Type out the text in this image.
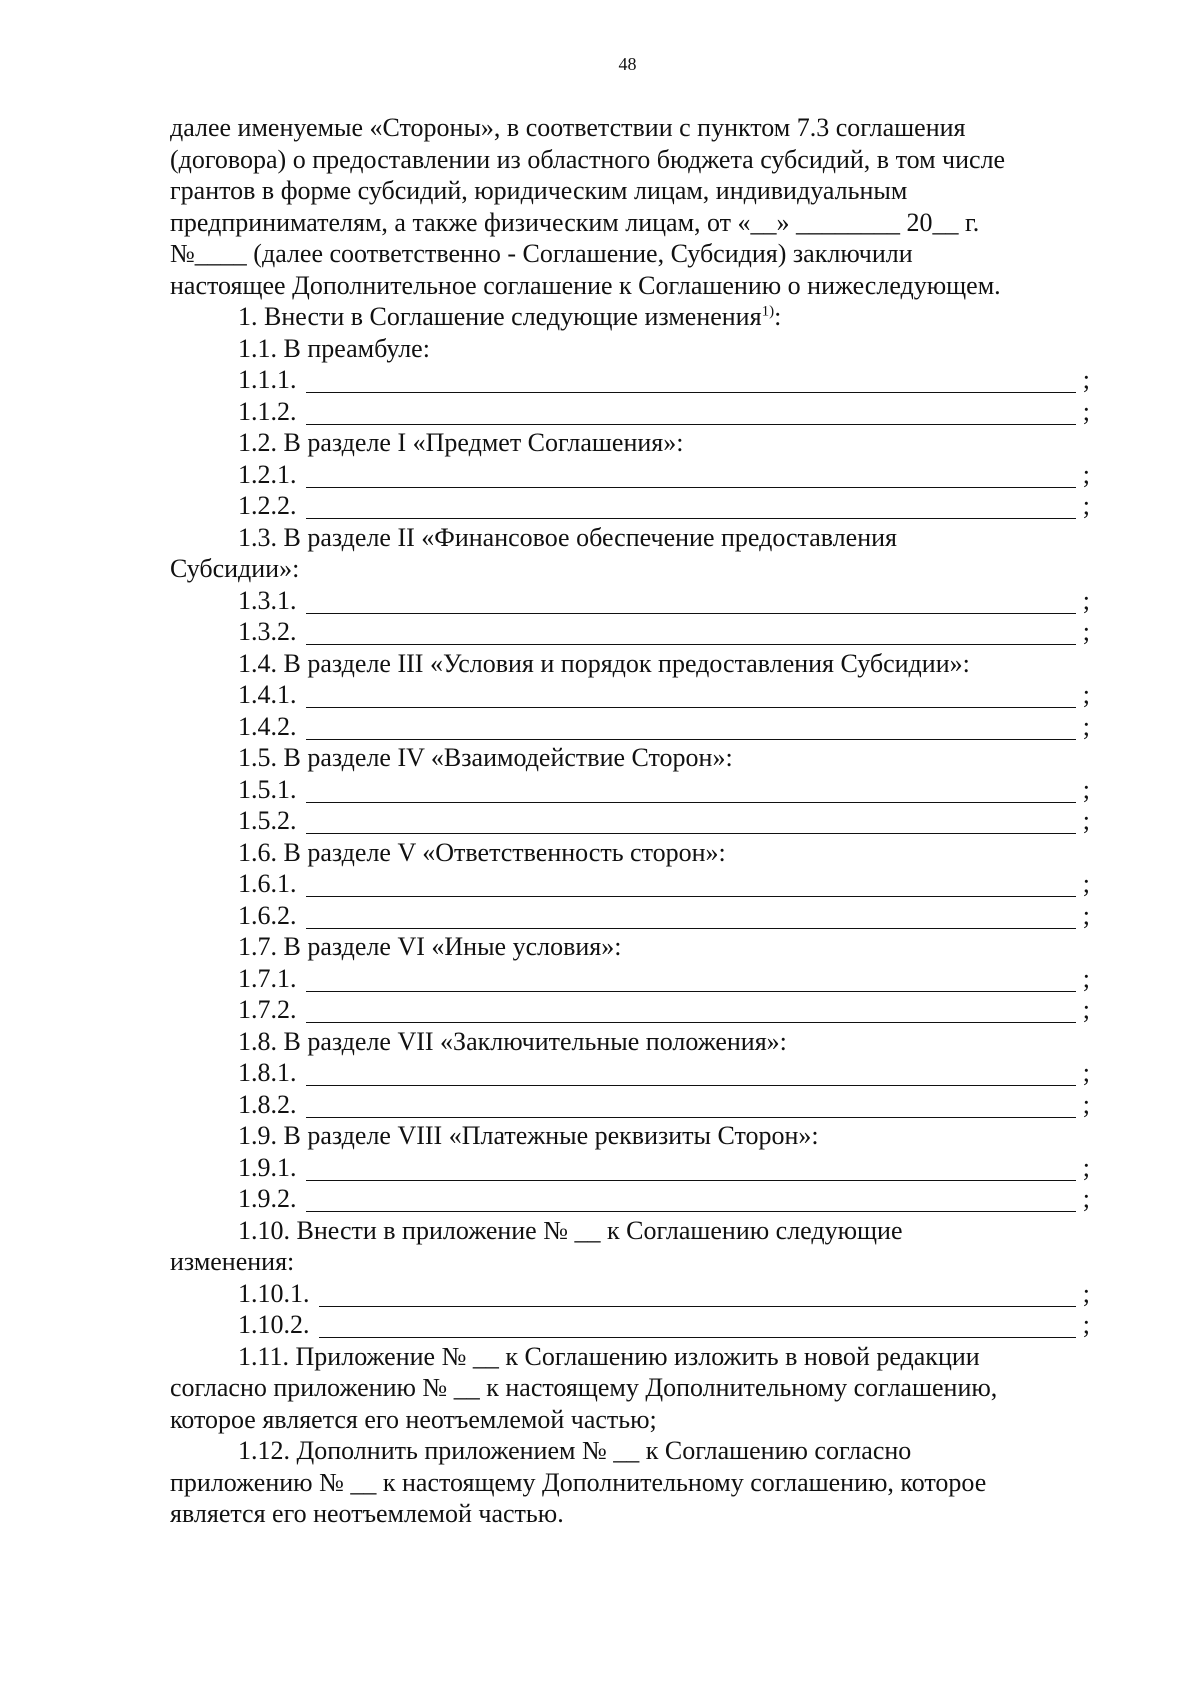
48
далее именуемые «Стороны», в соответствии с пунктом 7.3 соглашения
(договора) о предоставлении из областного бюджета субсидий, в том числе
грантов в форме субсидий, юридическим лицам, индивидуальным
предпринимателям, а также физическим лицам, от «__» ________ 20__ г.
№____ (далее соответственно - Соглашение, Субсидия) заключили
настоящее Дополнительное соглашение к Соглашению о нижеследующем.
1. Внести в Соглашение следующие изменения$^{1)}$:
1.1. В преамбуле:
1.1.1.	;
1.1.2.	;
1.2. В разделе I «Предмет Соглашения»:
1.2.1.	;
1.2.2.	;
1.3. В разделе II «Финансовое обеспечение предоставления
Субсидии»:
1.3.1.	;
1.3.2.	;
1.4. В разделе III «Условия и порядок предоставления Субсидии»:
1.4.1.	;
1.4.2.	;
1.5. В разделе IV «Взаимодействие Сторон»:
1.5.1.	;
1.5.2.	;
1.6. В разделе V «Ответственность сторон»:
1.6.1.	;
1.6.2.	;
1.7. В разделе VI «Иные условия»:
1.7.1.	;
1.7.2.	;
1.8. В разделе VII «Заключительные положения»:
1.8.1.	;
1.8.2.	;
1.9. В разделе VIII «Платежные реквизиты Сторон»:
1.9.1.	;
1.9.2.	;
1.10. Внести в приложение № __ к Соглашению следующие
изменения:
1.10.1.	;
1.10.2.	;
1.11. Приложение № __ к Соглашению изложить в новой редакции
согласно приложению № __ к настоящему Дополнительному соглашению,
которое является его неотъемлемой частью;
1.12. Дополнить приложением № __ к Соглашению согласно
приложению № __ к настоящему Дополнительному соглашению, которое
является его неотъемлемой частью.
